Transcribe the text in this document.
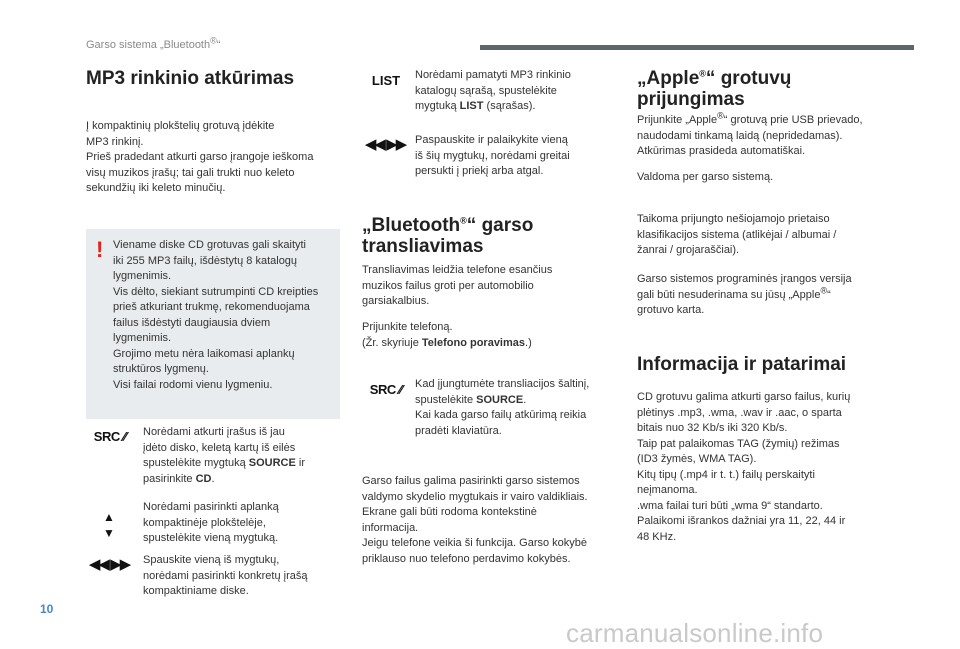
Garso sistema „Bluetooth®“
MP3 rinkinio atkūrimas

Į kompaktinių plokštelių grotuvą įdėkite

MP3 rinkinį.

Prieš pradedant atkurti garso įrangoje ieškoma

visų muzikos įrašų; tai gali trukti nuo keleto

sekundžių iki keleto minučių.

! Viename diske CD grotuvas gali skaityti
iki 255 MP3 failų, išdėstytų 8 katalogų
lygmenimis.
Vis dėlto, siekiant sutrumpinti CD kreipties
prieš atkuriant trukmę, rekomenduojama
failus išdėstyti daugiausia dviem
lygmenimis.
Grojimo metu nėra laikomasi aplankų
struktūros lygmenų.
Visi failai rodomi vienu lygmeniu.

SRC ⁄⁄ Norėdami atkurti įrašus iš jau

įdėto disko, keletą kartų iš eilės

spustelėkite mygtuką SOURCE ir

pasirinkite CD.

▲
▼

Norėdami pasirinkti aplanką

kompaktinėje plokštelėje,

spustelėkite vieną mygtuką.

◀◀ ▶▶ Spauskite vieną iš mygtukų,

norėdami pasirinkti konkretų įrašą

kompaktiniame diske.

LIST Norėdami pamatyti MP3 rinkinio

katalogų sąrašą, spustelėkite

mygtuką LIST (sąrašas).

◀◀ ▶▶ Paspauskite ir palaikykite vieną

iš šių mygtukų, norėdami greitai

persukti į priekį arba atgal.

„Bluetooth®“ garso
transliavimas

Transliavimas leidžia telefone esančius

muzikos failus groti per automobilio

garsiakalbius.

Prijunkite telefoną.

(Žr. skyriuje Telefono poravimas.)

SRC ⁄⁄ Kad įjungtumėte transliacijos šaltinį,

spustelėkite SOURCE.

Kai kada garso failų atkūrimą reikia

pradėti klaviatūra.

Garso failus galima pasirinkti garso sistemos

valdymo skydelio mygtukais ir vairo valdikliais.

Ekrane gali būti rodoma kontekstinė

informacija.

Jeigu telefone veikia ši funkcija. Garso kokybė

priklauso nuo telefono perdavimo kokybės.

„Apple®“ grotuvų
prijungimas

Prijunkite „Apple®“ grotuvą prie USB prievado,

naudodami tinkamą laidą (nepridedamas).

Atkūrimas prasideda automatiškai.

Valdoma per garso sistemą.

Taikoma prijungto nešiojamojo prietaiso

klasifikacijos sistema (atlikėjai / albumai /

žanrai / grojaraščiai).

Garso sistemos programinės įrangos versija

gali būti nesuderinama su jūsų „Apple®“

grotuvo karta.

Informacija ir patarimai

CD grotuvu galima atkurti garso failus, kurių

plėtinys .mp3, .wma, .wav ir .aac, o sparta

bitais nuo 32 Kb/s iki 320 Kb/s.

Taip pat palaikomas TAG (žymių) režimas

(ID3 žymės, WMA TAG).

Kitų tipų (.mp4 ir t. t.) failų perskaityti

neįmanoma.

.wma failai turi būti „wma 9“ standarto.

Palaikomi išrankos dažniai yra 11, 22, 44 ir

48 KHz.

10
carmanualsonline.info
